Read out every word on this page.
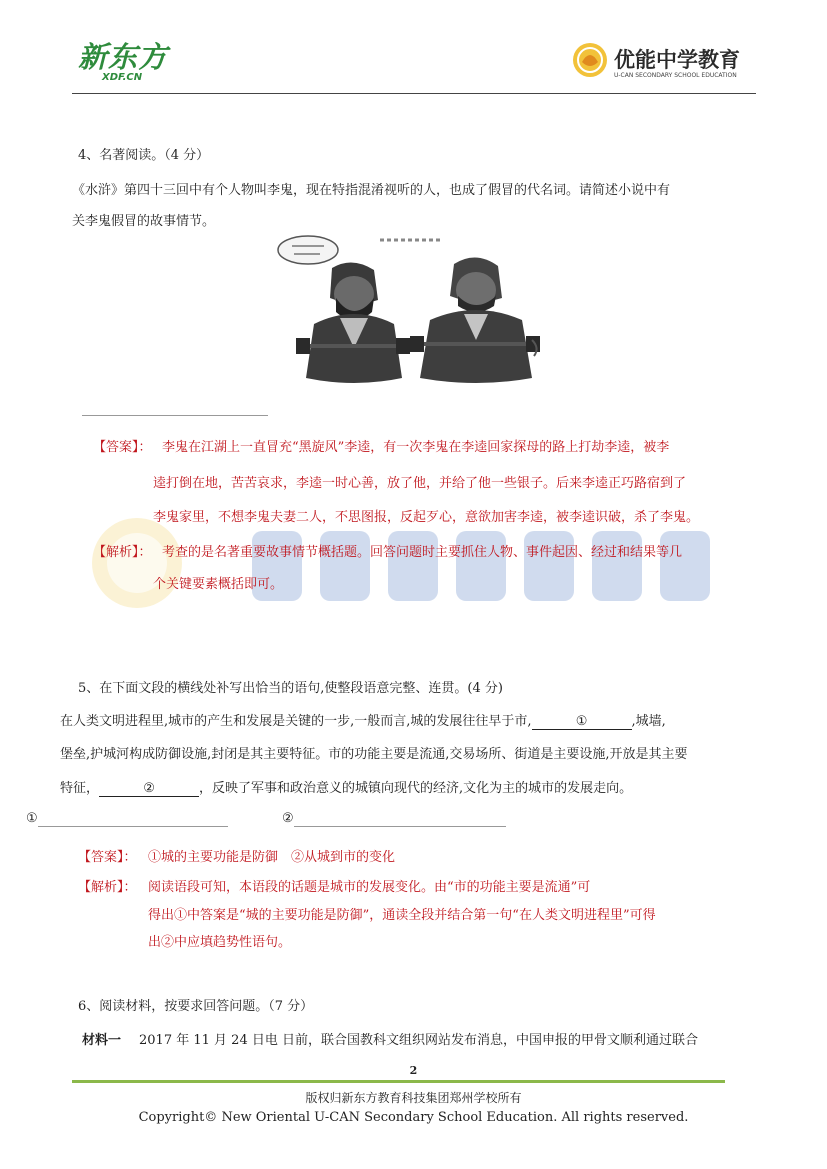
新东方
XDF.CN
优能中学教育
U-CAN SECONDARY SCHOOL EDUCATION
4、名著阅读。（4 分）
《水浒》第四十三回中有个人物叫李鬼，现在特指混淆视听的人，也成了假冒的代名词。请简述小说中有
关李鬼假冒的故事情节。
【答案】： 李鬼在江湖上一直冒充“黑旋风”李逵，有一次李鬼在李逵回家探母的路上打劫李逵，被李
逵打倒在地，苦苦哀求，李逵一时心善，放了他，并给了他一些银子。后来李逵正巧路宿到了
李鬼家里，不想李鬼夫妻二人，不思图报，反起歹心，意欲加害李逵，被李逵识破，杀了李鬼。
【解析】： 考查的是名著重要故事情节概括题。回答问题时主要抓住人物、事件起因、经过和结果等几
个关键要素概括即可。
5、在下面文段的横线处补写出恰当的语句,使整段语意完整、连贯。(4 分)
在人类文明进程里,城市的产生和发展是关键的一步,一般而言,城的发展往往早于市,	①	,城墙,
堡垒,护城河构成防御设施,封闭是其主要特征。市的功能主要是流通,交易场所、街道是主要设施,开放是其主要
特征，	②	，反映了军事和政治意义的城镇向现代的经济,文化为主的城市的发展走向。
①	②
【答案】： ①城的主要功能是防御　②从城到市的变化
【解析】： 阅读语段可知，本语段的话题是城市的发展变化。由“市的功能主要是流通”可
得出①中答案是“城的主要功能是防御”，通读全段并结合第一句“在人类文明进程里”可得
出②中应填趋势性语句。
6、阅读材料，按要求回答问题。（7 分）
材料一 2017 年 11 月 24 日电 日前，联合国教科文组织网站发布消息，中国申报的甲骨文顺利通过联合
2
版权归新东方教育科技集团郑州学校所有
Copyright© New Oriental U-CAN Secondary School Education. All rights reserved.
